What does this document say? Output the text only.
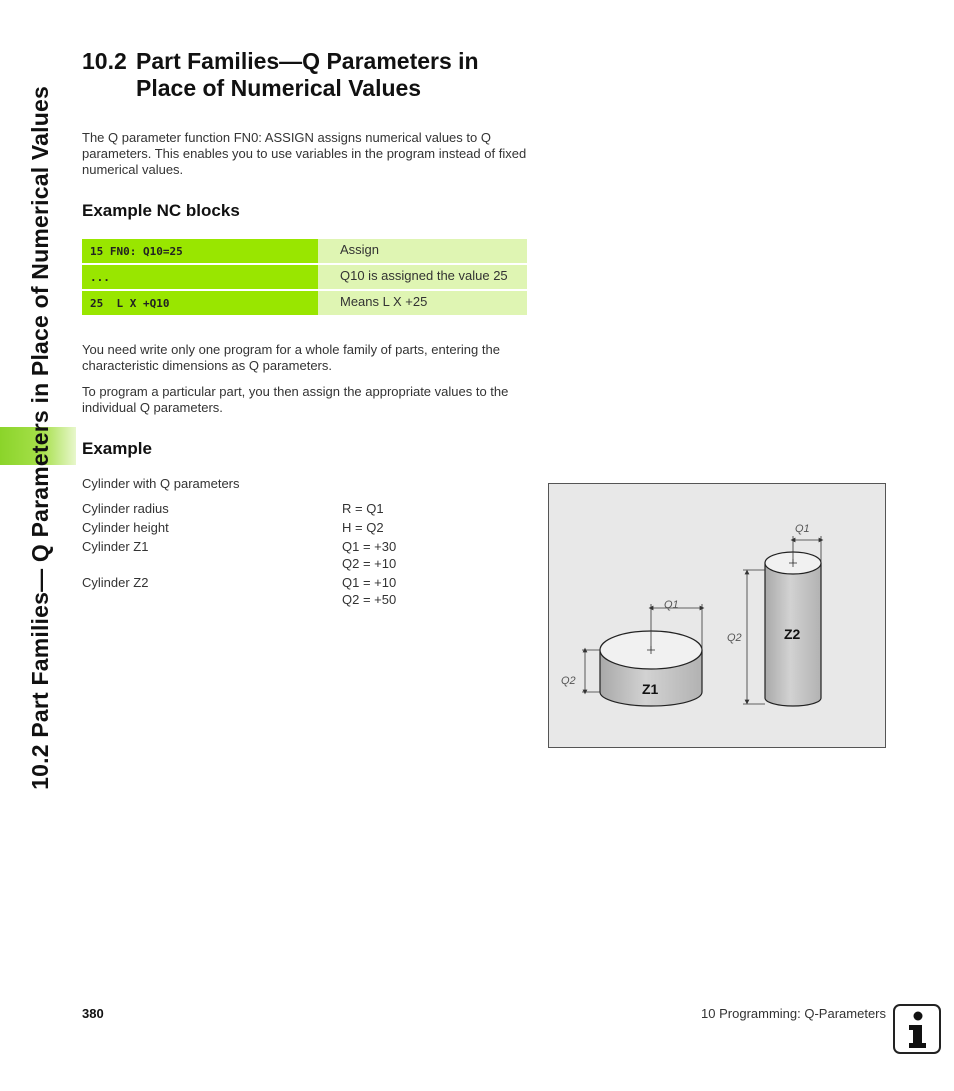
10.2 Part Families— Q Parameters in Place of Numerical Values
10.2 Part Families—Q Parameters in
Place of Numerical Values

The Q parameter function FN0: ASSIGN assigns numerical values to Q parameters. This enables you to use variables in the program instead of fixed numerical values.

Example NC blocks
15 FN0: Q10=25	Assign
...	Q10 is assigned the value 25
25  L X +Q10	Means L X +25

You need write only one program for a whole family of parts, entering the characteristic dimensions as Q parameters.

To program a particular part, you then assign the appropriate values to the individual Q parameters.

Example

Cylinder with Q parameters

Cylinder radius	R = Q1
Cylinder height	H = Q2
Cylinder Z1	Q1 = +30
Q2 = +10
Cylinder Z2	Q1 = +10
Q2 = +50
Z1
Z2
Q1
Q2
Q1
Q2
380	10 Programming: Q-Parameters
